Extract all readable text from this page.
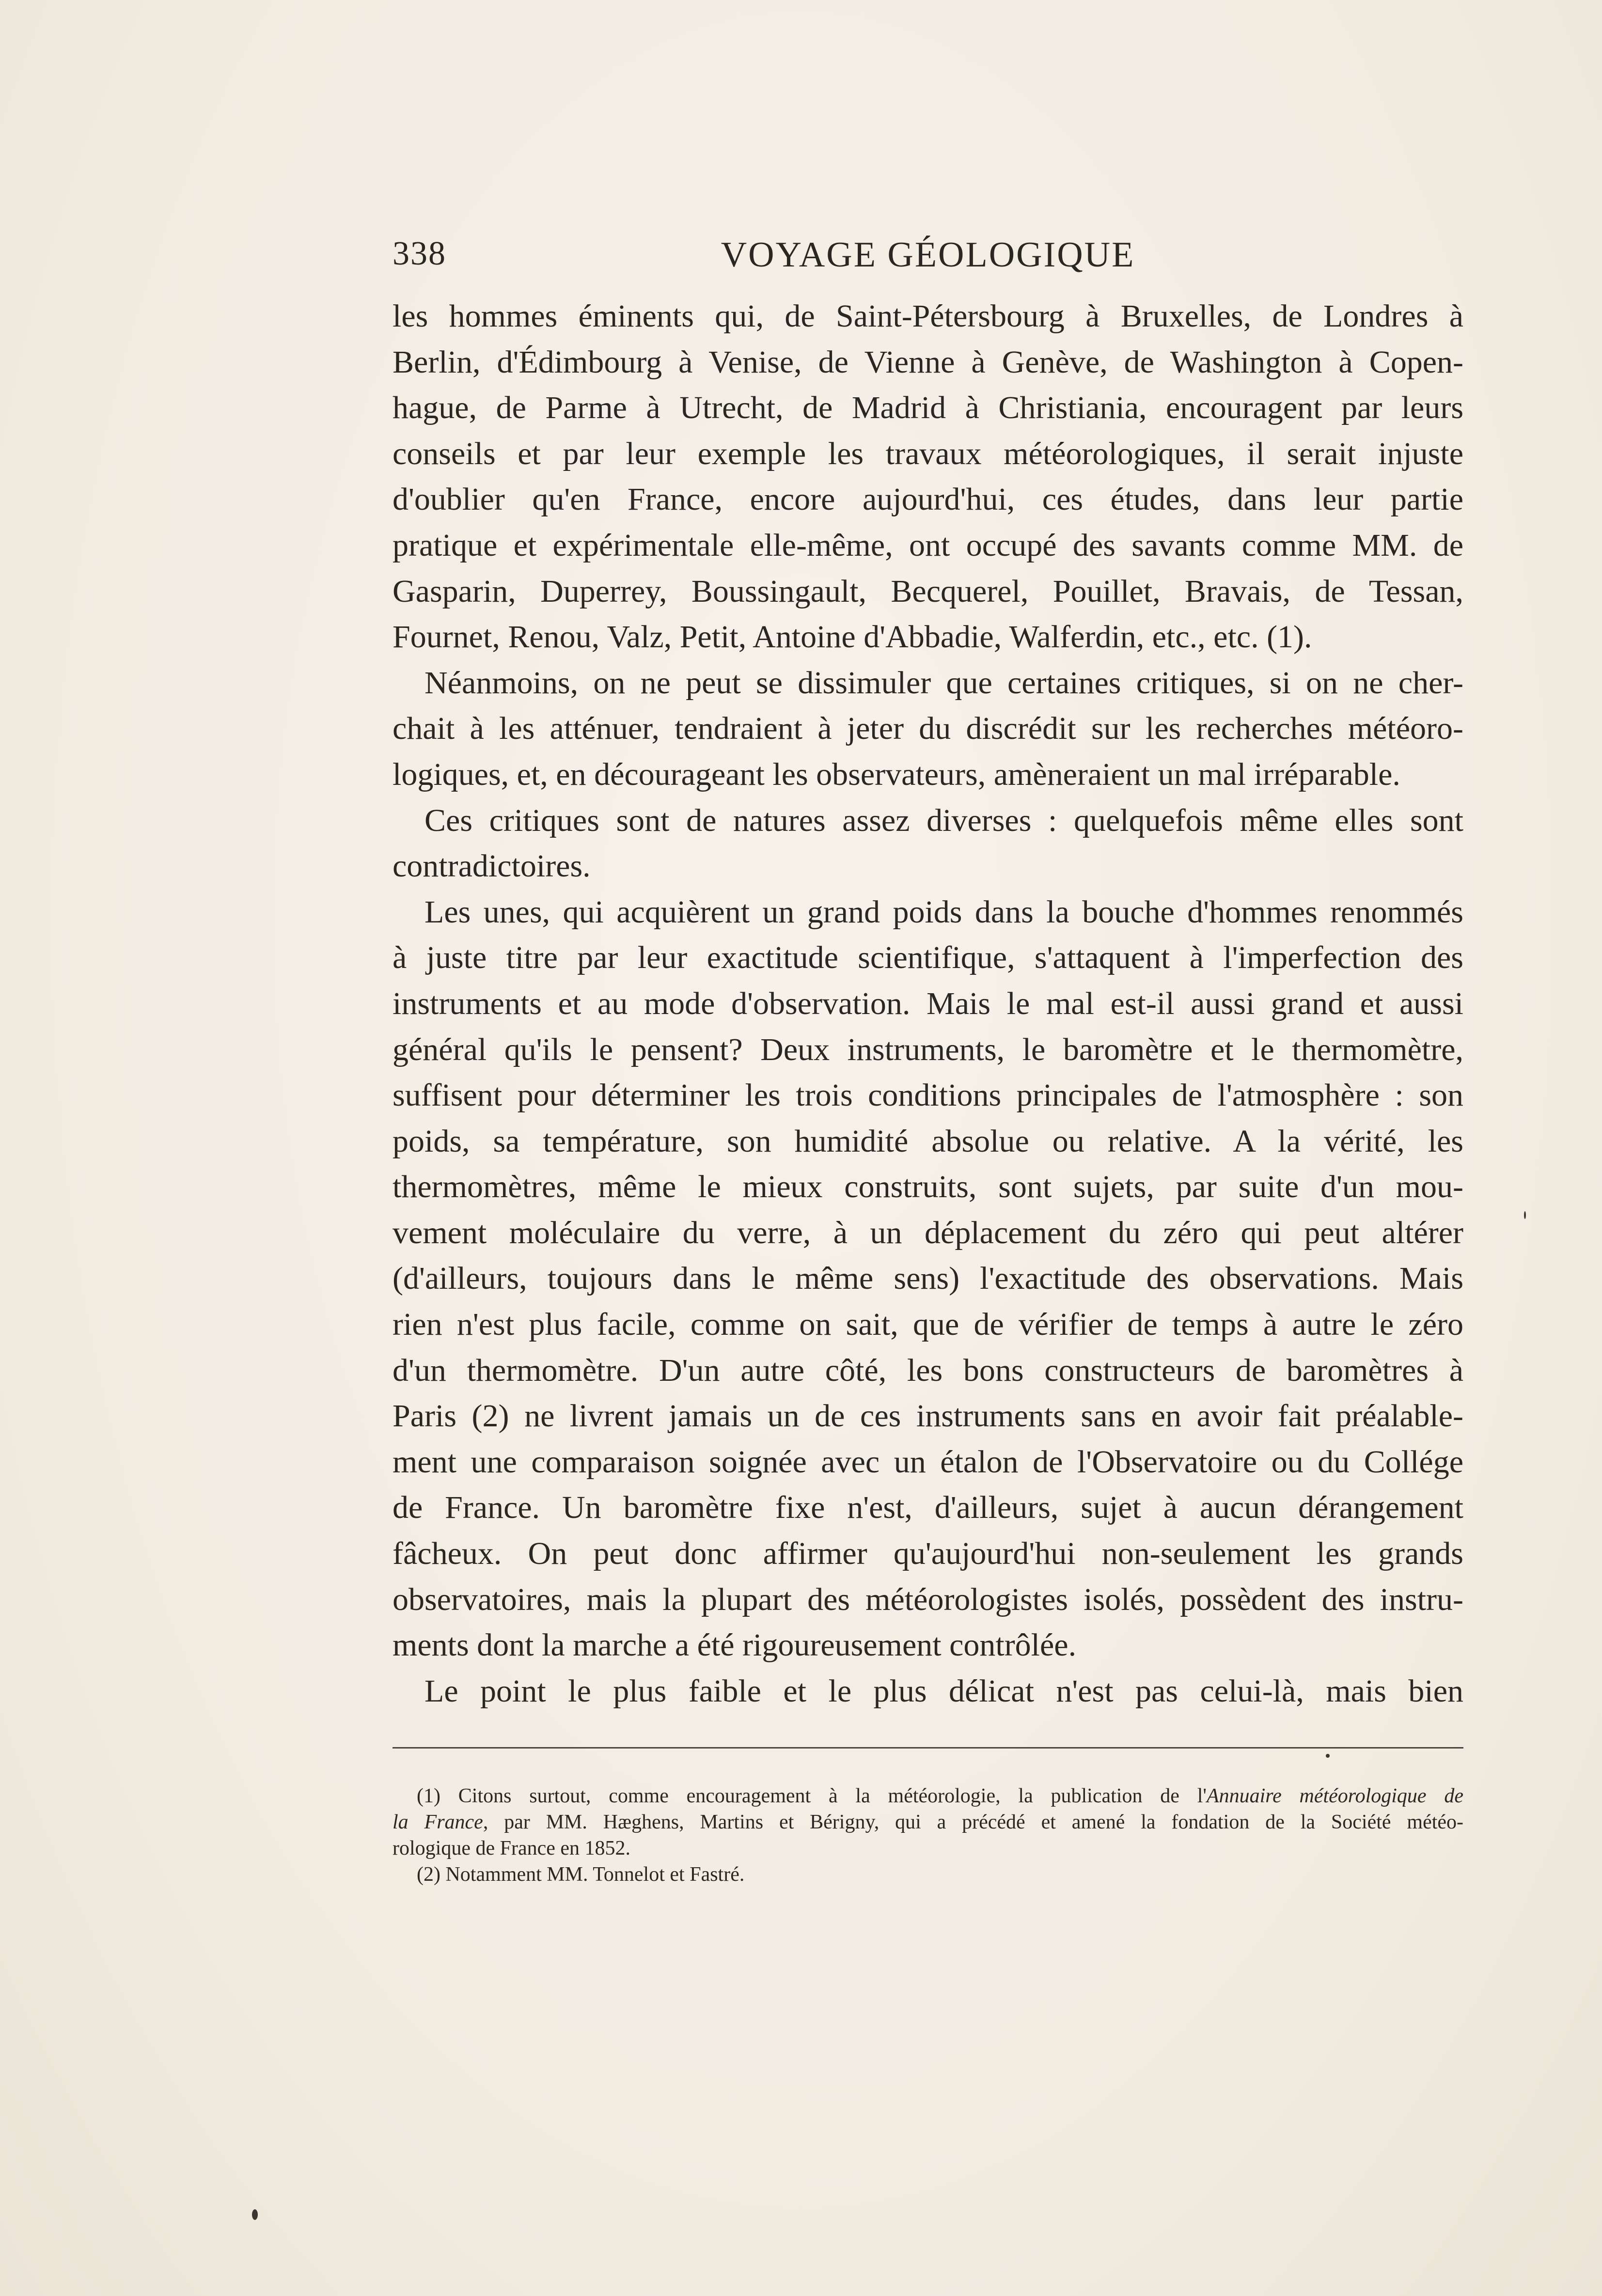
338	VOYAGE GÉOLOGIQUE
les hommes éminents qui, de Saint-Pétersbourg à Bruxelles, de Londres à
Berlin, d'Édimbourg à Venise, de Vienne à Genève, de Washington à Copen-
hague, de Parme à Utrecht, de Madrid à Christiania, encouragent par leurs
conseils et par leur exemple les travaux météorologiques, il serait injuste
d'oublier qu'en France, encore aujourd'hui, ces études, dans leur partie
pratique et expérimentale elle-même, ont occupé des savants comme MM. de
Gasparin, Duperrey, Boussingault, Becquerel, Pouillet, Bravais, de Tessan,
Fournet, Renou, Valz, Petit, Antoine d'Abbadie, Walferdin, etc., etc. (1).
Néanmoins, on ne peut se dissimuler que certaines critiques, si on ne cher-
chait à les atténuer, tendraient à jeter du discrédit sur les recherches météoro-
logiques, et, en décourageant les observateurs, amèneraient un mal irréparable.
Ces critiques sont de natures assez diverses : quelquefois même elles sont
contradictoires.
Les unes, qui acquièrent un grand poids dans la bouche d'hommes renommés
à juste titre par leur exactitude scientifique, s'attaquent à l'imperfection des
instruments et au mode d'observation. Mais le mal est-il aussi grand et aussi
général qu'ils le pensent? Deux instruments, le baromètre et le thermomètre,
suffisent pour déterminer les trois conditions principales de l'atmosphère : son
poids, sa température, son humidité absolue ou relative. A la vérité, les
thermomètres, même le mieux construits, sont sujets, par suite d'un mou-
vement moléculaire du verre, à un déplacement du zéro qui peut altérer
(d'ailleurs, toujours dans le même sens) l'exactitude des observations. Mais
rien n'est plus facile, comme on sait, que de vérifier de temps à autre le zéro
d'un thermomètre. D'un autre côté, les bons constructeurs de baromètres à
Paris (2) ne livrent jamais un de ces instruments sans en avoir fait préalable-
ment une comparaison soignée avec un étalon de l'Observatoire ou du Collége
de France. Un baromètre fixe n'est, d'ailleurs, sujet à aucun dérangement
fâcheux. On peut donc affirmer qu'aujourd'hui non-seulement les grands
observatoires, mais la plupart des météorologistes isolés, possèdent des instru-
ments dont la marche a été rigoureusement contrôlée.
Le point le plus faible et le plus délicat n'est pas celui-là, mais bien
(1) Citons surtout, comme encouragement à la météorologie, la publication de l'Annuaire météorologique de
la France, par MM. Hæghens, Martins et Bérigny, qui a précédé et amené la fondation de la Société météo-
rologique de France en 1852.
(2) Notamment MM. Tonnelot et Fastré.
